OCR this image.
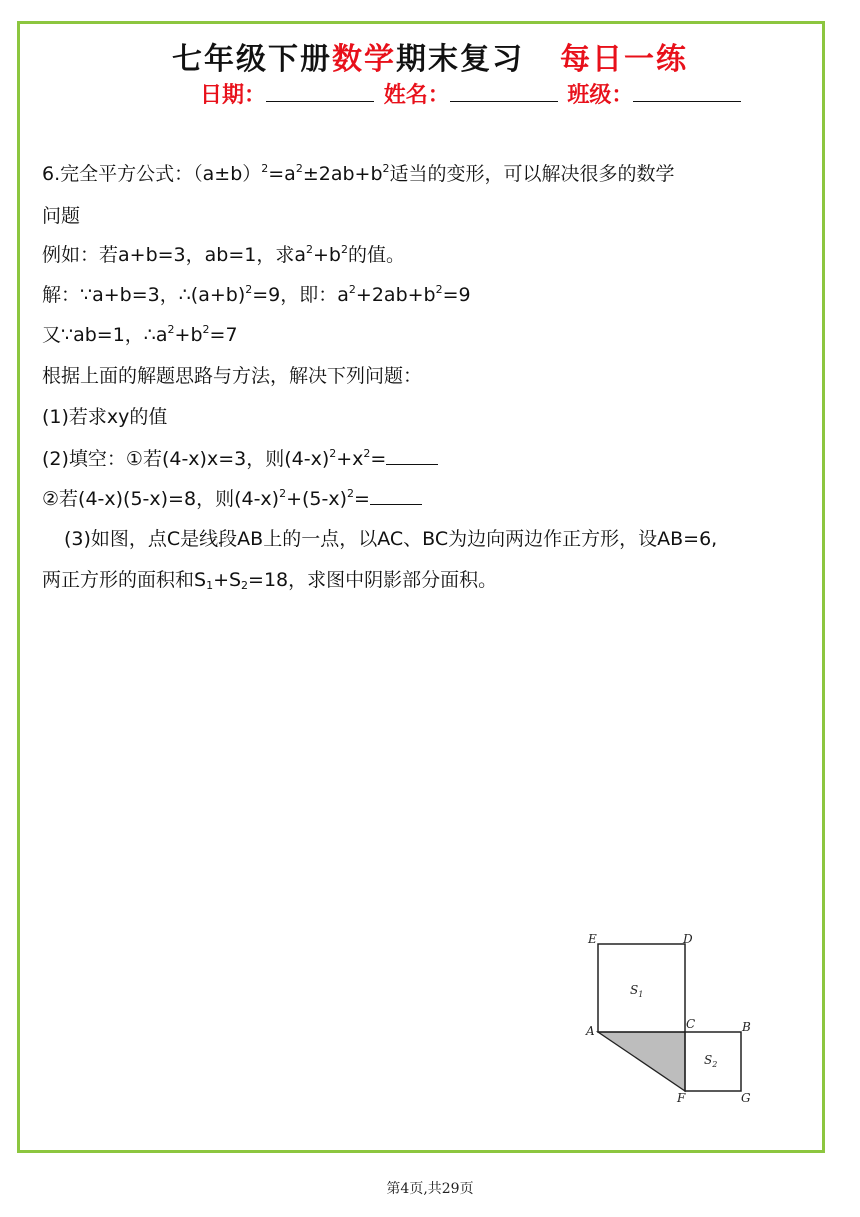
七年级下册数学期末复习 每日一练
日期：	姓名：	班级：
6.完全平方公式：$(a\pm b)^2=a^2\pm 2ab+b^2$适当的变形，可以解决很多的数学
问题
例如：若a+b=3，ab=1，求$a^2+b^2$的值。
解：∵a+b=3，$\therefore(a+b)^2=9$，即：$a^2+2ab+b^2=9$
又∵ab=1，$\therefore a^2+b^2=7$
根据上面的解题思路与方法，解决下列问题：
(1)若求xy的值
(2)填空：①若(4-x)x=3，则$(4-x)^2+x^2=$
②若(4-x)(5-x)=8，则$(4-x)^2+(5-x)^2=$
(3)如图，点C是线段AB上的一点，以AC、BC为边向两边作正方形，设AB=6,
两正方形的面积和$S_1+S_2=18$，求图中阴影部分面积。
E	D
A	C	B
F	G
$S_1$
$S_2$
第4页,共29页
